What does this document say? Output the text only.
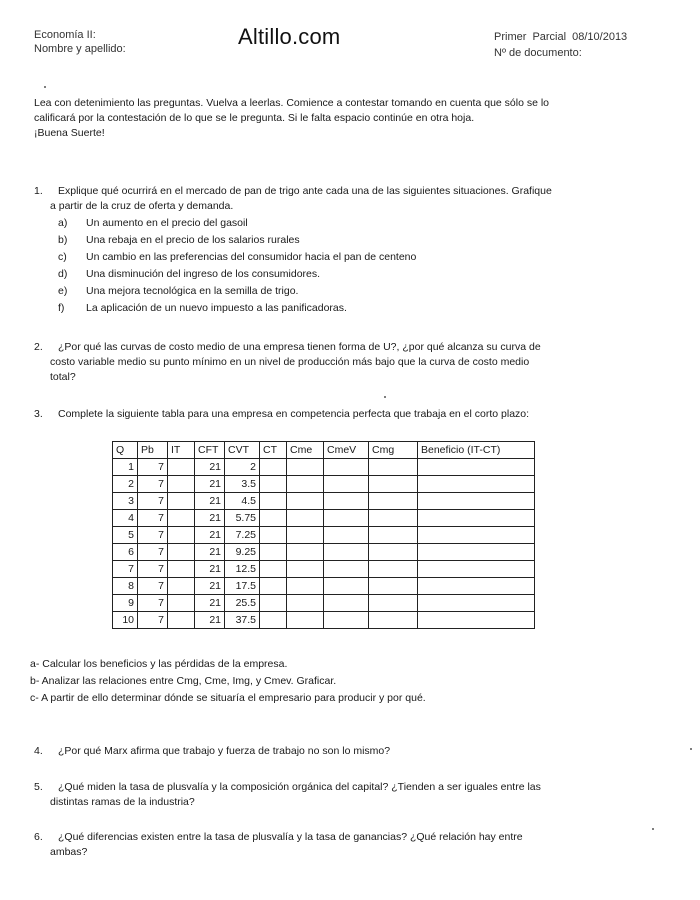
Economía II:
Nombre y apellido:	Altillo.com	Primer Parcial 08/10/2013
Nº de documento:
Lea con detenimiento las preguntas. Vuelva a leerlas. Comience a contestar tomando en cuenta que sólo se lo
calificará por la contestación de lo que se le pregunta. Si le falta espacio continúe en otra hoja.
¡Buena Suerte!
1. Explique qué ocurrirá en el mercado de pan de trigo ante cada una de las siguientes situaciones. Grafique
a partir de la cruz de oferta y demanda.
a) Un aumento en el precio del gasoil
b) Una rebaja en el precio de los salarios rurales
c) Un cambio en las preferencias del consumidor hacia el pan de centeno
d) Una disminución del ingreso de los consumidores.
e) Una mejora tecnológica en la semilla de trigo.
f) La aplicación de un nuevo impuesto a las panificadoras.
2. ¿Por qué las curvas de costo medio de una empresa tienen forma de U?, ¿por qué alcanza su curva de
costo variable medio su punto mínimo en un nivel de producción más bajo que la curva de costo medio
total?
3.	Complete la siguiente tabla para una empresa en competencia perfecta que trabaja en el corto plazo:
Q	Pb	IT	CFT	CVT	CT	Cme	CmeV	Cmg	Beneficio (IT-CT)
1	7		21	2					
2	7		21	3.5					
3	7		21	4.5					
4	7		21	5.75					
5	7		21	7.25					
6	7		21	9.25					
7	7		21	12.5					
8	7		21	17.5					
9	7		21	25.5					
10	7		21	37.5					
a- Calcular los beneficios y las pérdidas de la empresa.
b- Analizar las relaciones entre Cmg, Cme, Img, y Cmev. Graficar.
c- A partir de ello determinar dónde se situaría el empresario para producir y por qué.
4.	¿Por qué Marx afirma que trabajo y fuerza de trabajo no son lo mismo?
5. ¿Qué miden la tasa de plusvalía y la composición orgánica del capital? ¿Tienden a ser iguales entre las
distintas ramas de la industria?
6. ¿Qué diferencias existen entre la tasa de plusvalía y la tasa de ganancias? ¿Qué relación hay entre
ambas?
